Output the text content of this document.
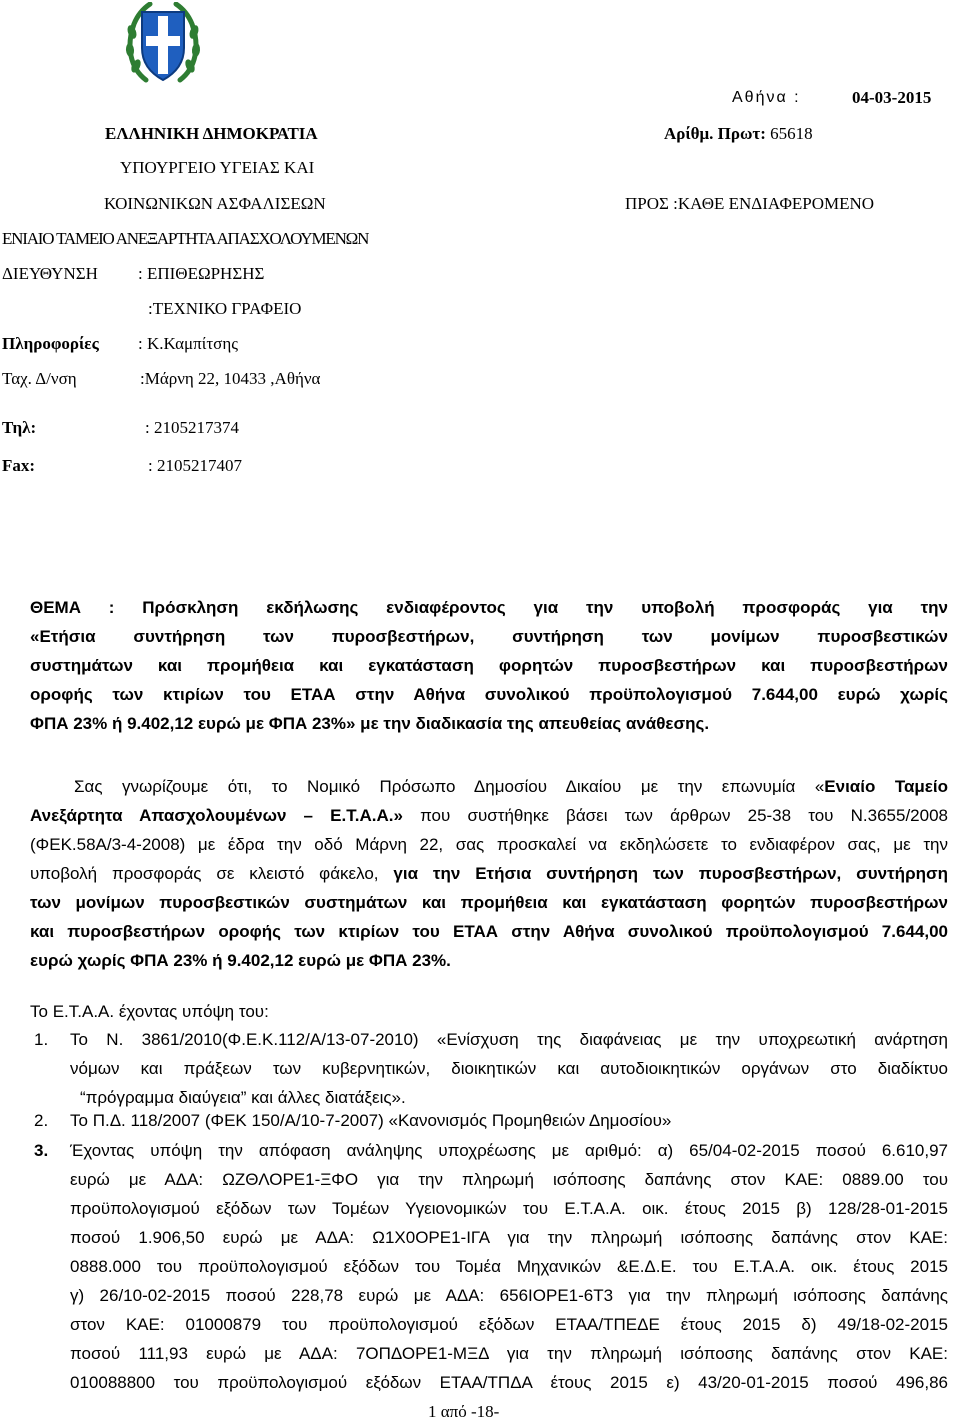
ΕΛΛΗΝΙΚΗ ΔΗΜΟΚΡΑΤΙΑ
ΥΠΟΥΡΓΕΙΟ ΥΓΕΙΑΣ ΚΑΙ
ΚΟΙΝΩΝΙΚΩΝ ΑΣΦΑΛΙΣΕΩΝ
ΕΝΙΑΙΟ ΤΑΜΕΙΟ ΑΝΕΞΑΡΤΗΤΑ ΑΠΑΣΧΟΛΟΥΜΕΝΩΝ
ΔΙΕΥΘΥΝΣΗ : ΕΠΙΘΕΩΡΗΣΗΣ
:ΤΕΧΝΙΚΟ ΓΡΑΦΕΙΟ
Πληροφορίες : Κ.Καμπίτσης
Ταχ. Δ/νση	:Μάρνη 22, 10433 ,Αθήνα
Τηλ:	: 2105217374
Fax:	: 2105217407
Αθήνα :	04-03-2015
Αρίθμ. Πρωτ: 65618
ΠΡΟΣ :ΚΑΘΕ ΕΝΔΙΑΦΕΡΟΜΕΝΟ
ΘΕΜΑ : Πρόσκληση εκδήλωσης ενδιαφέροντος για την υποβολή προσφοράς για την
«Ετήσια συντήρηση των πυροσβεστήρων, συντήρηση των μονίμων πυροσβεστικών
συστημάτων και προμήθεια και εγκατάσταση φορητών πυροσβεστήρων και πυροσβεστήρων
οροφής των κτιρίων του ΕΤΑΑ στην Αθήνα συνολικού προϋπολογισμού 7.644,00 ευρώ χωρίς
ΦΠΑ 23% ή 9.402,12 ευρώ με ΦΠΑ 23%» με την διαδικασία της απευθείας ανάθεσης.
Σας γνωρίζουμε ότι, το Νομικό Πρόσωπο Δημοσίου Δικαίου με την επωνυμία «Ενιαίο Ταμείο
Ανεξάρτητα Απασχολουμένων – Ε.Τ.Α.Α.» που συστήθηκε βάσει των άρθρων 25-38 του Ν.3655/2008
(ΦΕΚ.58Α/3-4-2008) με έδρα την οδό Μάρνη 22, σας προσκαλεί να εκδηλώσετε το ενδιαφέρον σας, με την
υποβολή προσφοράς σε κλειστό φάκελο, για την Ετήσια συντήρηση των πυροσβεστήρων, συντήρηση
των μονίμων πυροσβεστικών συστημάτων και προμήθεια και εγκατάσταση φορητών πυροσβεστήρων
και πυροσβεστήρων οροφής των κτιρίων του ΕΤΑΑ στην Αθήνα συνολικού προϋπολογισμού 7.644,00
ευρώ χωρίς ΦΠΑ 23% ή 9.402,12 ευρώ με ΦΠΑ 23%.
Το Ε.Τ.Α.Α. έχοντας υπόψη του:
1. Το Ν. 3861/2010(Φ.Ε.Κ.112/Α/13-07-2010) «Ενίσχυση της διαφάνειας με την υποχρεωτική ανάρτηση
νόμων και πράξεων των κυβερνητικών, διοικητικών και αυτοδιοικητικών οργάνων στο διαδίκτυο
“πρόγραμμα διαύγεια” και άλλες διατάξεις».
2. Το Π.Δ. 118/2007 (ΦΕΚ 150/Α/10-7-2007) «Κανονισμός Προμηθειών Δημοσίου»
3. Έχοντας υπόψη την απόφαση ανάληψης υποχρέωσης με αριθμό: α) 65/04-02-2015 ποσού 6.610,97
ευρώ με ΑΔΑ: ΩΖΘΛΟΡΕ1-ΞΦΟ για την πληρωμή ισόποσης δαπάνης στον ΚΑΕ: 0889.00 του
προϋπολογισμού εξόδων των Τομέων Υγειονομικών του Ε.Τ.Α.Α. οικ. έτους 2015 β) 128/28-01-2015
ποσού 1.906,50 ευρώ με ΑΔΑ: Ω1Χ0ΟΡΕ1-ΙΓΑ για την πληρωμή ισόποσης δαπάνης στον ΚΑΕ:
0888.000 του προϋπολογισμού εξόδων του Τομέα Μηχανικών &Ε.Δ.Ε. του Ε.Τ.Α.Α. οικ. έτους 2015
γ) 26/10-02-2015 ποσού 228,78 ευρώ με ΑΔΑ: 656ΙΟΡΕ1-6Τ3 για την πληρωμή ισόποσης δαπάνης
στον ΚΑΕ: 01000879 του προϋπολογισμού εξόδων ΕΤΑΑ/ΤΠΕΔΕ έτους 2015 δ) 49/18-02-2015
ποσού 111,93 ευρώ με ΑΔΑ: 7ΟΠΔΟΡΕ1-ΜΞΔ για την πληρωμή ισόποσης δαπάνης στον ΚΑΕ:
010088800 του προϋπολογισμού εξόδων ΕΤΑΑ/ΤΠΔΑ έτους 2015 ε) 43/20-01-2015 ποσού 496,86
1 από -18-
